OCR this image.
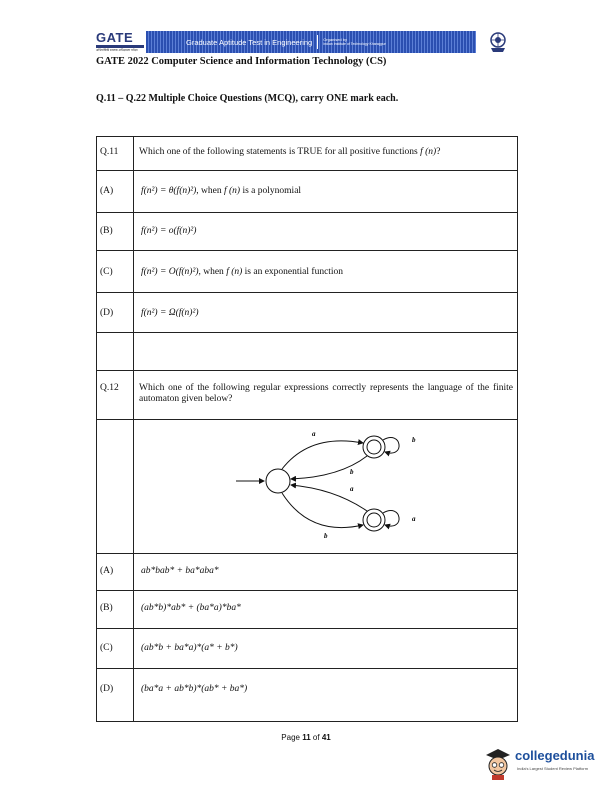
GATE
अभियांत्रिकी स्नातक अभिक्षमता परीक्षा
Graduate Aptitude Test in Engineering	Organised by
Indian Institute of Technology Kharagpur
GATE 2022 Computer Science and Information Technology (CS)
Q.11 – Q.22 Multiple Choice Questions (MCQ), carry ONE mark each.
Q.11 Which one of the following statements is TRUE for all positive functions f (n)?
(A)	f(n²) = θ(f(n)²), when f (n) is a polynomial
(B)	f(n²) = o(f(n)²)
(C)	f(n²) = O(f(n)²), when f (n) is an exponential function
(D)	f(n²) = Ω(f(n)²)
Q.12 Which one of the following regular expressions correctly represents the language of the finite automaton given below?
a
b
b
a
b
a
(A)	ab*bab* + ba*aba*
(B)	(ab*b)*ab* + (ba*a)*ba*
(C)	(ab*b + ba*a)*(a* + b*)
(D)	(ba*a + ab*b)*(ab* + ba*)
Page 11 of 41
collegedunia
India's Largest Student Review Platform
